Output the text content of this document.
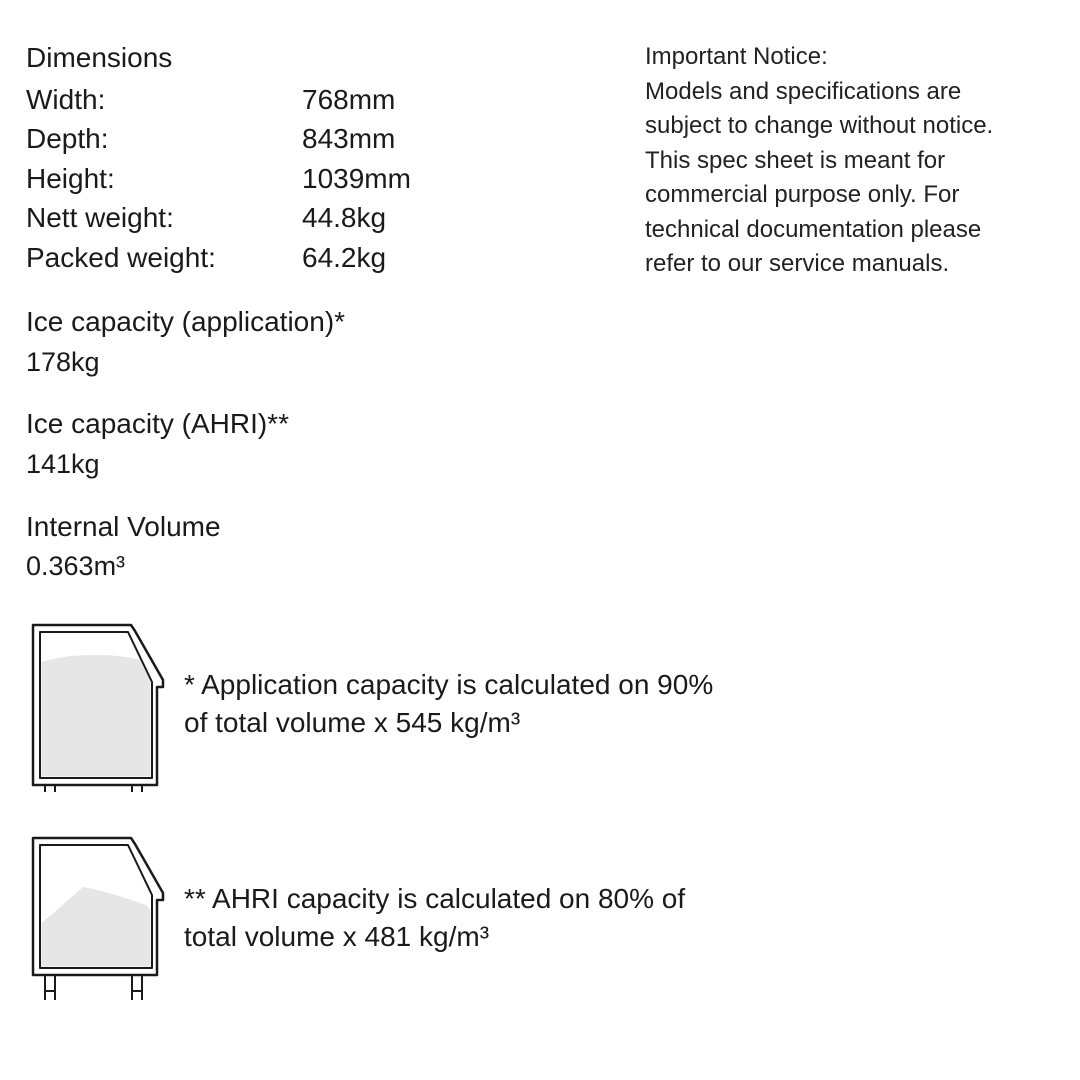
Dimensions
Width:	768mm
Depth:	843mm
Height:	1039mm
Nett weight:	44.8kg
Packed weight:	64.2kg
Important Notice:
Models and specifications are
subject to change without notice.
This spec sheet is meant for
commercial purpose only. For
technical documentation please
refer to our service manuals.
Ice capacity (application)*
178kg
Ice capacity (AHRI)**
141kg
Internal Volume
0.363m³
* Application capacity is calculated on 90%
of total volume x 545 kg/m³
** AHRI capacity is calculated on 80% of
total volume x 481 kg/m³
